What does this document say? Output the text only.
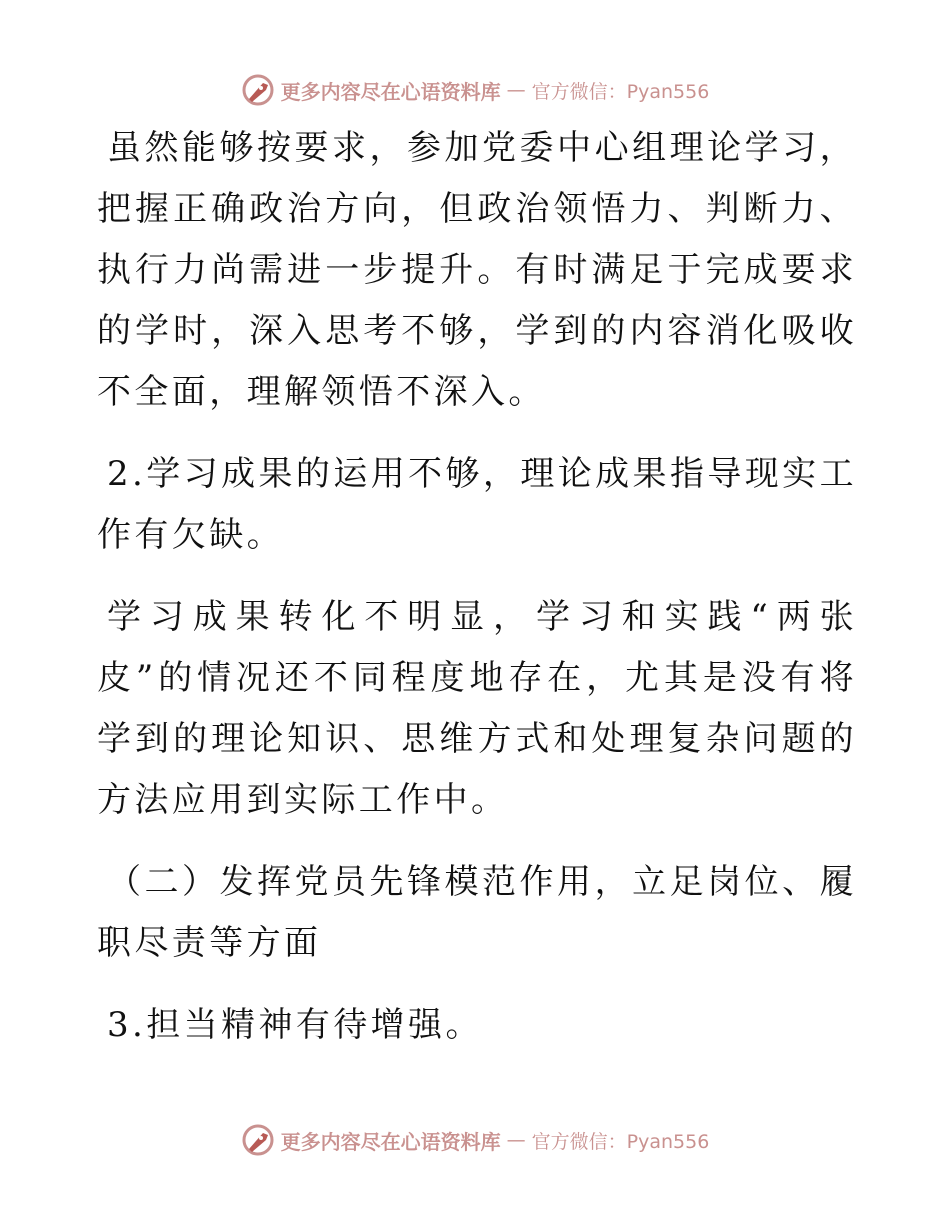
更多内容尽在心语资料库 — 官方微信：Pyan556

虽然能够按要求，参加党委中心组理论学习，把握正确政治方向，但政治领悟力、判断力、执行力尚需进一步提升。有时满足于完成要求的学时，深入思考不够，学到的内容消化吸收不全面，理解领悟不深入。

2.学习成果的运用不够，理论成果指导现实工作有欠缺。

学习成果转化不明显，学习和实践“两张皮”的情况还不同程度地存在，尤其是没有将学到的理论知识、思维方式和处理复杂问题的方法应用到实际工作中。

（二）发挥党员先锋模范作用，立足岗位、履职尽责等方面

3.担当精神有待增强。

更多内容尽在心语资料库 — 官方微信：Pyan556
